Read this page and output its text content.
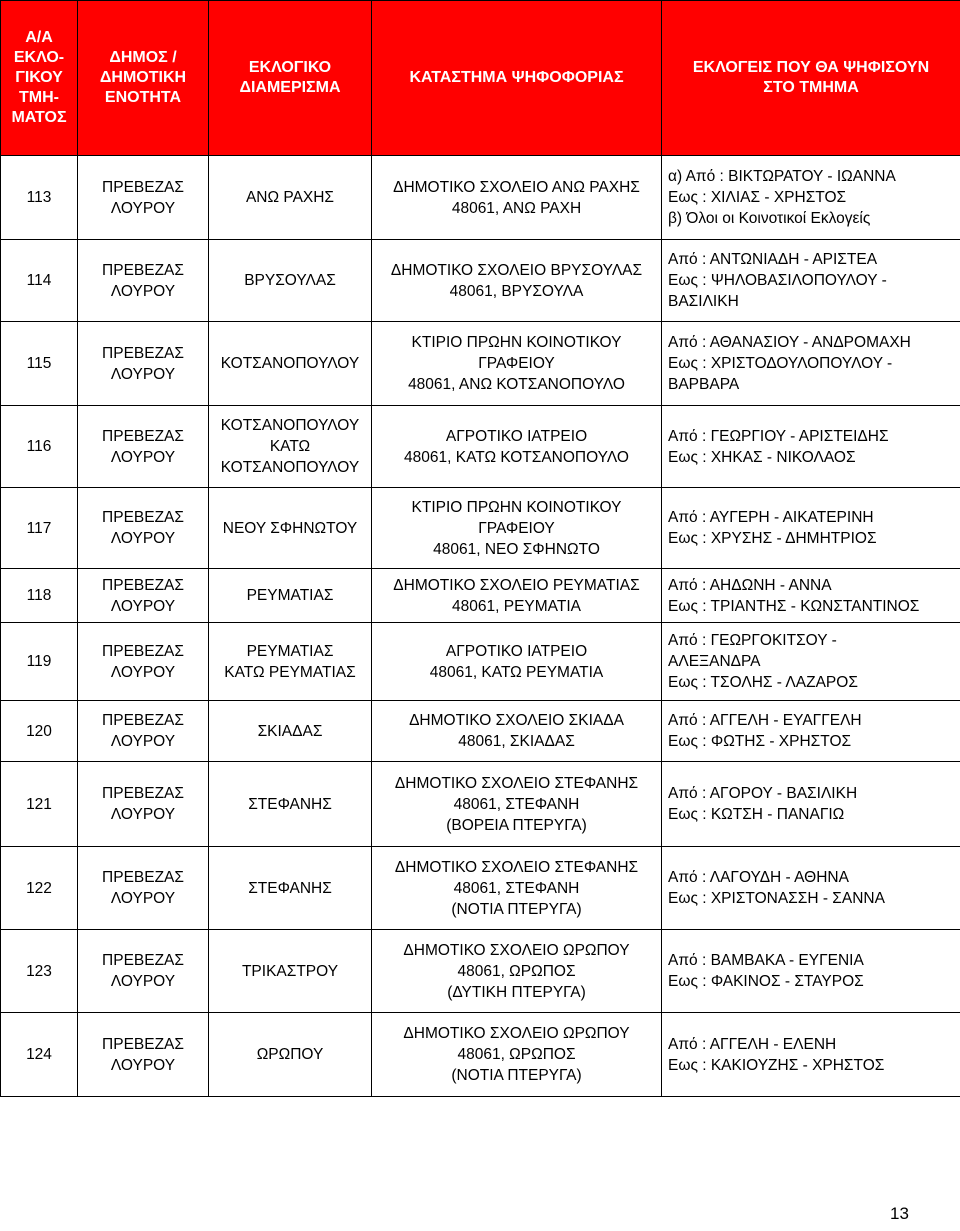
Α/Α
ΕΚΛΟ-
ΓΙΚΟΥ
ΤΜΗ-
ΜΑΤΟΣ	ΔΗΜΟΣ /
ΔΗΜΟΤΙΚΗ
ΕΝΟΤΗΤΑ	ΕΚΛΟΓΙΚΟ
ΔΙΑΜΕΡΙΣΜΑ	ΚΑΤΑΣΤΗΜΑ ΨΗΦΟΦΟΡΙΑΣ	ΕΚΛΟΓΕΙΣ ΠΟΥ ΘΑ ΨΗΦΙΣΟΥΝ
ΣΤΟ ΤΜΗΜΑ

113	ΠΡΕΒΕΖΑΣ
ΛΟΥΡΟΥ	ΑΝΩ ΡΑΧΗΣ	ΔΗΜΟΤΙΚΟ ΣΧΟΛΕΙΟ ΑΝΩ ΡΑΧΗΣ
48061, ΑΝΩ ΡΑΧΗ	α) Από : ΒΙΚΤΩΡΑΤΟΥ - ΙΩΑΝΝΑ
Εως : ΧΙΛΙΑΣ - ΧΡΗΣΤΟΣ
β) Όλοι οι Κοινοτικοί Εκλογείς

114	ΠΡΕΒΕΖΑΣ
ΛΟΥΡΟΥ	ΒΡΥΣΟΥΛΑΣ	ΔΗΜΟΤΙΚΟ ΣΧΟΛΕΙΟ ΒΡΥΣΟΥΛΑΣ
48061, ΒΡΥΣΟΥΛΑ	Από : ΑΝΤΩΝΙΑΔΗ - ΑΡΙΣΤΕΑ
Εως : ΨΗΛΟΒΑΣΙΛΟΠΟΥΛΟΥ -
ΒΑΣΙΛΙΚΗ

115	ΠΡΕΒΕΖΑΣ
ΛΟΥΡΟΥ	ΚΟΤΣΑΝΟΠΟΥΛΟΥ	ΚΤΙΡΙΟ ΠΡΩΗΝ ΚΟΙΝΟΤΙΚΟΥ
ΓΡΑΦΕΙΟΥ
48061, ΑΝΩ ΚΟΤΣΑΝΟΠΟΥΛΟ	Από : ΑΘΑΝΑΣΙΟΥ - ΑΝΔΡΟΜΑΧΗ
Εως : ΧΡΙΣΤΟΔΟΥΛΟΠΟΥΛΟΥ -
ΒΑΡΒΑΡΑ

116	ΠΡΕΒΕΖΑΣ
ΛΟΥΡΟΥ	ΚΟΤΣΑΝΟΠΟΥΛΟΥ
ΚΑΤΩ
ΚΟΤΣΑΝΟΠΟΥΛΟΥ	ΑΓΡΟΤΙΚΟ ΙΑΤΡΕΙΟ
48061, ΚΑΤΩ ΚΟΤΣΑΝΟΠΟΥΛΟ	Από : ΓΕΩΡΓΙΟΥ - ΑΡΙΣΤΕΙΔΗΣ
Εως : ΧΗΚΑΣ - ΝΙΚΟΛΑΟΣ

117	ΠΡΕΒΕΖΑΣ
ΛΟΥΡΟΥ	ΝΕΟΥ ΣΦΗΝΩΤΟΥ	ΚΤΙΡΙΟ ΠΡΩΗΝ ΚΟΙΝΟΤΙΚΟΥ
ΓΡΑΦΕΙΟΥ
48061, ΝΕΟ ΣΦΗΝΩΤΟ	Από : ΑΥΓΕΡΗ - ΑΙΚΑΤΕΡΙΝΗ
Εως : ΧΡΥΣΗΣ - ΔΗΜΗΤΡΙΟΣ

118	ΠΡΕΒΕΖΑΣ
ΛΟΥΡΟΥ	ΡΕΥΜΑΤΙΑΣ	ΔΗΜΟΤΙΚΟ ΣΧΟΛΕΙΟ ΡΕΥΜΑΤΙΑΣ
48061, ΡΕΥΜΑΤΙΑ	Από : ΑΗΔΩΝΗ - ΑΝΝΑ
Εως : ΤΡΙΑΝΤΗΣ - ΚΩΝΣΤΑΝΤΙΝΟΣ

119	ΠΡΕΒΕΖΑΣ
ΛΟΥΡΟΥ	ΡΕΥΜΑΤΙΑΣ
ΚΑΤΩ ΡΕΥΜΑΤΙΑΣ	ΑΓΡΟΤΙΚΟ ΙΑΤΡΕΙΟ
48061, ΚΑΤΩ ΡΕΥΜΑΤΙΑ	Από : ΓΕΩΡΓΟΚΙΤΣΟΥ -
ΑΛΕΞΑΝΔΡΑ
Εως : ΤΣΟΛΗΣ - ΛΑΖΑΡΟΣ

120	ΠΡΕΒΕΖΑΣ
ΛΟΥΡΟΥ	ΣΚΙΑΔΑΣ	ΔΗΜΟΤΙΚΟ ΣΧΟΛΕΙΟ ΣΚΙΑΔΑ
48061, ΣΚΙΑΔΑΣ	Από : ΑΓΓΕΛΗ - ΕΥΑΓΓΕΛΗ
Εως : ΦΩΤΗΣ - ΧΡΗΣΤΟΣ

121	ΠΡΕΒΕΖΑΣ
ΛΟΥΡΟΥ	ΣΤΕΦΑΝΗΣ	ΔΗΜΟΤΙΚΟ ΣΧΟΛΕΙΟ ΣΤΕΦΑΝΗΣ
48061, ΣΤΕΦΑΝΗ
(ΒΟΡΕΙΑ ΠΤΕΡΥΓΑ)	Από : ΑΓΟΡΟΥ - ΒΑΣΙΛΙΚΗ
Εως : ΚΩΤΣΗ - ΠΑΝΑΓΙΩ

122	ΠΡΕΒΕΖΑΣ
ΛΟΥΡΟΥ	ΣΤΕΦΑΝΗΣ	ΔΗΜΟΤΙΚΟ ΣΧΟΛΕΙΟ ΣΤΕΦΑΝΗΣ
48061, ΣΤΕΦΑΝΗ
(ΝΟΤΙΑ ΠΤΕΡΥΓΑ)	Από : ΛΑΓΟΥΔΗ - ΑΘΗΝΑ
Εως : ΧΡΙΣΤΟΝΑΣΣΗ - ΣΑΝΝΑ

123	ΠΡΕΒΕΖΑΣ
ΛΟΥΡΟΥ	ΤΡΙΚΑΣΤΡΟΥ	ΔΗΜΟΤΙΚΟ ΣΧΟΛΕΙΟ ΩΡΩΠΟΥ
48061, ΩΡΩΠΟΣ
(ΔΥΤΙΚΗ ΠΤΕΡΥΓΑ)	Από : ΒΑΜΒΑΚΑ - ΕΥΓΕΝΙΑ
Εως : ΦΑΚΙΝΟΣ - ΣΤΑΥΡΟΣ

124	ΠΡΕΒΕΖΑΣ
ΛΟΥΡΟΥ	ΩΡΩΠΟΥ	ΔΗΜΟΤΙΚΟ ΣΧΟΛΕΙΟ ΩΡΩΠΟΥ
48061, ΩΡΩΠΟΣ
(ΝΟΤΙΑ ΠΤΕΡΥΓΑ)	Από : ΑΓΓΕΛΗ - ΕΛΕΝΗ
Εως : ΚΑΚΙΟΥΖΗΣ - ΧΡΗΣΤΟΣ
13
